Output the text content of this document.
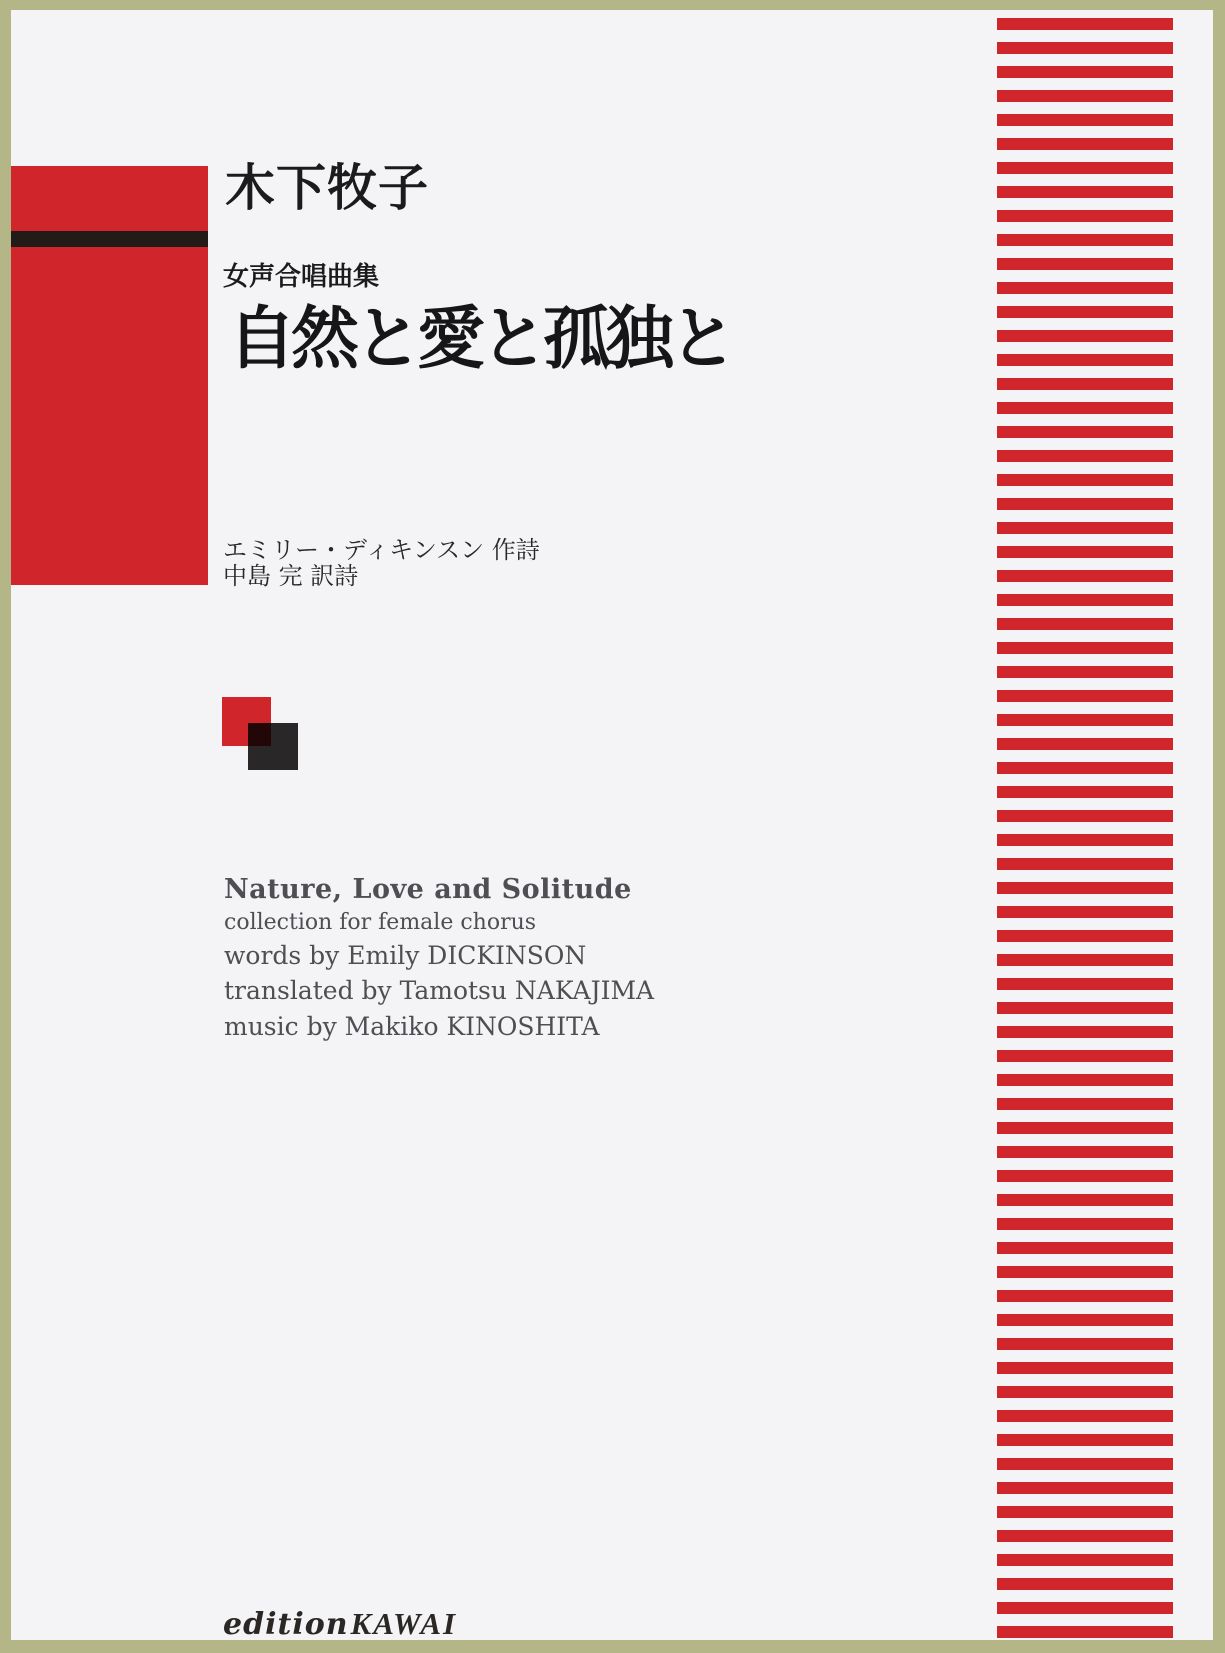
木下牧子
女声合唱曲集
自然と愛と孤独と
エミリー・ディキンスン 作詩
中島 完 訳詩
Nature, Love and Solitude
collection for female chorus
words by Emily DICKINSON
translated by Tamotsu NAKAJIMA
music by Makiko KINOSHITA
editionKAWAI
